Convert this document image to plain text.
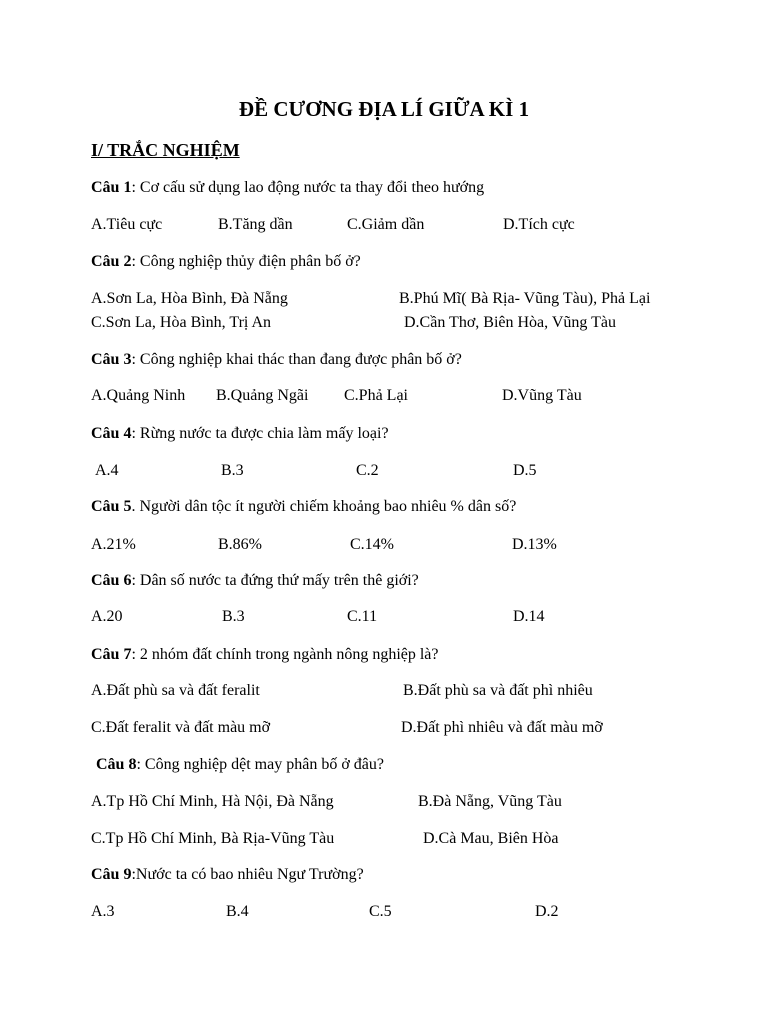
ĐỀ CƯƠNG ĐỊA LÍ GIỮA KÌ 1
I/ TRẮC NGHIỆM
Câu 1: Cơ cấu sử dụng lao động nước ta thay đổi theo hướng
A.Tiêu cực	B.Tăng dần	C.Giảm dần	D.Tích cực
Câu 2: Công nghiệp thủy điện phân bố ở?
A.Sơn La, Hòa Bình, Đà Nẵng	B.Phú Mĩ( Bà Rịa- Vũng Tàu), Phả Lại
C.Sơn La, Hòa Bình, Trị An	D.Cần Thơ, Biên Hòa, Vũng Tàu
Câu 3: Công nghiệp khai thác than đang được phân bố ở?
A.Quảng Ninh B.Quảng Ngãi C.Phả Lại	D.Vũng Tàu
Câu 4: Rừng nước ta được chia làm mấy loại?
A.4	B.3	C.2	D.5
Câu 5. Người dân tộc ít người chiếm khoảng bao nhiêu % dân số?
A.21%	B.86%	C.14%	D.13%
Câu 6: Dân số nước ta đứng thứ mấy trên thê giới?
A.20	B.3	C.11	D.14
Câu 7: 2 nhóm đất chính trong ngành nông nghiệp là?
A.Đất phù sa và đất feralit	B.Đất phù sa và đất phì nhiêu
C.Đất feralit và đất màu mỡ	D.Đất phì nhiêu và đất màu mỡ
Câu 8: Công nghiệp dệt may phân bố ở đâu?
A.Tp Hồ Chí Minh, Hà Nội, Đà Nẵng	B.Đà Nẵng, Vũng Tàu
C.Tp Hồ Chí Minh, Bà Rịa-Vũng Tàu	D.Cà Mau, Biên Hòa
Câu 9:Nước ta có bao nhiêu Ngư Trường?
A.3	B.4	C.5	D.2
